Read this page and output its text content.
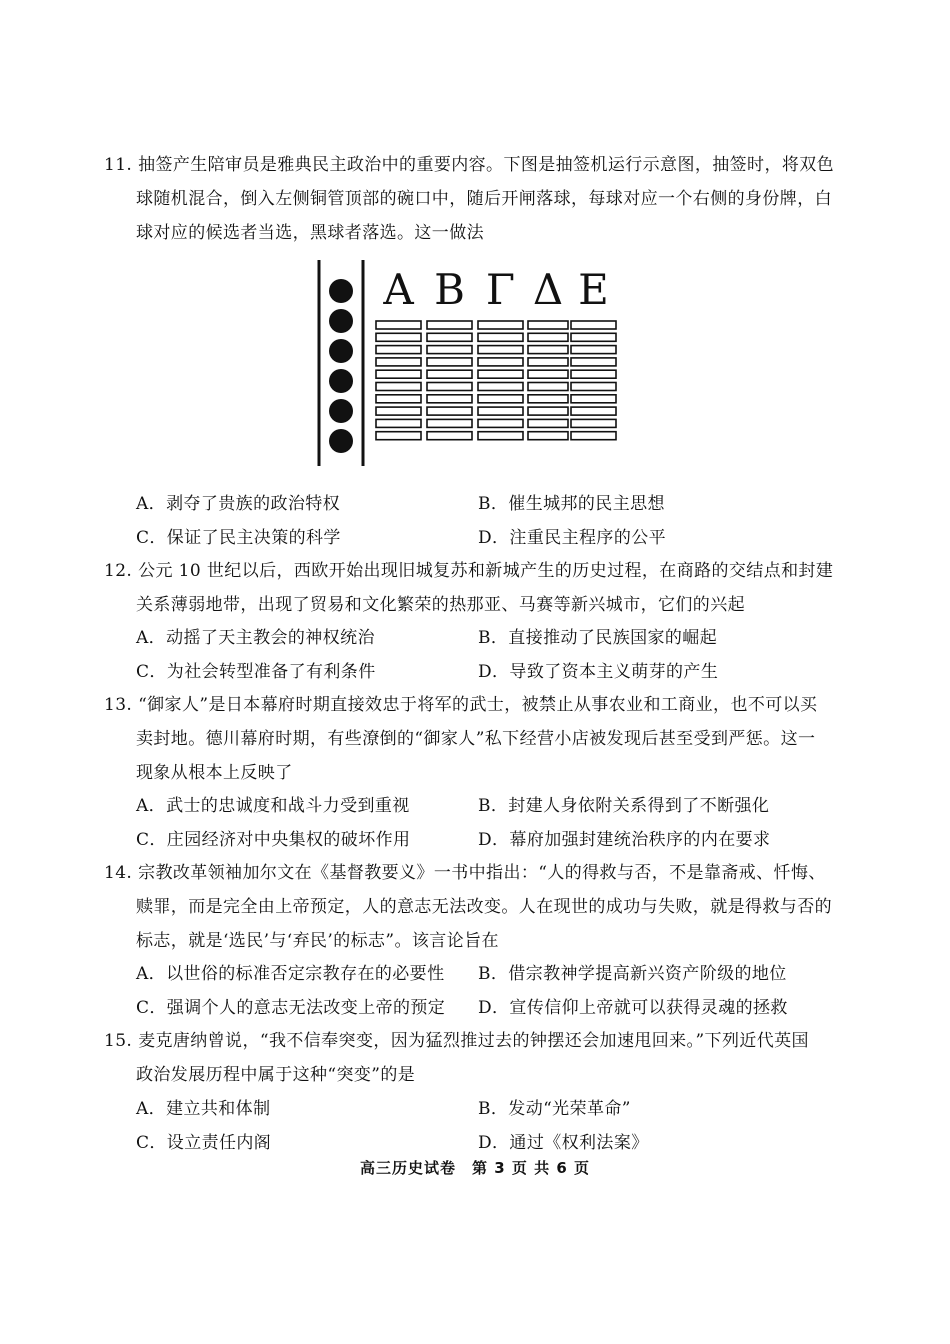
11. 抽签产生陪审员是雅典民主政治中的重要内容。下图是抽签机运行示意图，抽签时，将双色
球随机混合，倒入左侧铜管顶部的碗口中，随后开闸落球，每球对应一个右侧的身份牌，白
球对应的候选者当选，黑球者落选。这一做法
Α Β Γ Δ Ε
A．剥夺了贵族的政治特权	B．催生城邦的民主思想
C．保证了民主决策的科学	D．注重民主程序的公平
12. 公元 10 世纪以后，西欧开始出现旧城复苏和新城产生的历史过程，在商路的交结点和封建
关系薄弱地带，出现了贸易和文化繁荣的热那亚、马赛等新兴城市，它们的兴起
A．动摇了天主教会的神权统治	B．直接推动了民族国家的崛起
C．为社会转型准备了有利条件	D．导致了资本主义萌芽的产生
13. “御家人”是日本幕府时期直接效忠于将军的武士，被禁止从事农业和工商业，也不可以买
卖封地。德川幕府时期，有些潦倒的“御家人”私下经营小店被发现后甚至受到严惩。这一
现象从根本上反映了
A．武士的忠诚度和战斗力受到重视	B．封建人身依附关系得到了不断强化
C．庄园经济对中央集权的破坏作用	D．幕府加强封建统治秩序的内在要求
14. 宗教改革领袖加尔文在《基督教要义》一书中指出：“人的得救与否，不是靠斋戒、忏悔、
赎罪，而是完全由上帝预定，人的意志无法改变。人在现世的成功与失败，就是得救与否的
标志，就是‘选民’与‘弃民’的标志”。该言论旨在
A．以世俗的标准否定宗教存在的必要性 B．借宗教神学提高新兴资产阶级的地位
C．强调个人的意志无法改变上帝的预定 D．宣传信仰上帝就可以获得灵魂的拯救
15. 麦克唐纳曾说，“我不信奉突变，因为猛烈推过去的钟摆还会加速甩回来。”下列近代英国
政治发展历程中属于这种“突变”的是
A．建立共和体制	B．发动“光荣革命”
C．设立责任内阁	D．通过《权利法案》
高三历史试卷　第 3 页 共 6 页
